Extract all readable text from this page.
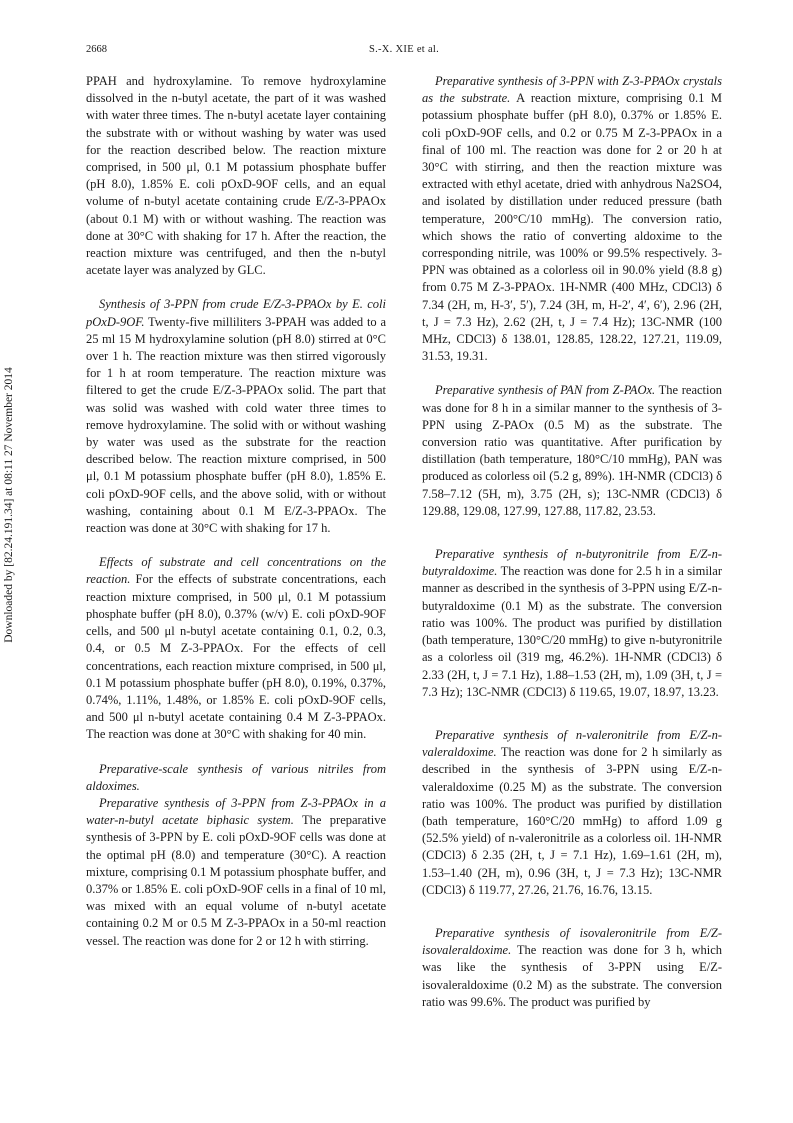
2668	S.-X. XIE et al.
Downloaded by [82.24.191.34] at 08:11 27 November 2014

PPAH and hydroxylamine. To remove hydroxylamine dissolved in the n-butyl acetate, the part of it was washed with water three times. The n-butyl acetate layer containing the substrate with or without washing by water was used for the reaction described below. The reaction mixture comprised, in 500 μl, 0.1 M potassium phosphate buffer (pH 8.0), 1.85% E. coli pOxD-9OF cells, and an equal volume of n-butyl acetate containing crude E/Z-3-PPAOx (about 0.1 M) with or without washing. The reaction was done at 30°C with shaking for 17 h. After the reaction, the reaction mixture was centrifuged, and then the n-butyl acetate layer was analyzed by GLC.

Synthesis of 3-PPN from crude E/Z-3-PPAOx by E. coli pOxD-9OF. Twenty-five milliliters 3-PPAH was added to a 25 ml 15 M hydroxylamine solution (pH 8.0) stirred at 0°C over 1 h. The reaction mixture was then stirred vigorously for 1 h at room temperature. The reaction mixture was filtered to get the crude E/Z-3-PPAOx solid. The part that was solid was washed with cold water three times to remove hydroxylamine. The solid with or without washing by water was used as the substrate for the reaction described below. The reaction mixture comprised, in 500 μl, 0.1 M potassium phosphate buffer (pH 8.0), 1.85% E. coli pOxD-9OF cells, and the above solid, with or without washing, containing about 0.1 M E/Z-3-PPAOx. The reaction was done at 30°C with shaking for 17 h.

Effects of substrate and cell concentrations on the reaction. For the effects of substrate concentrations, each reaction mixture comprised, in 500 μl, 0.1 M potassium phosphate buffer (pH 8.0), 0.37% (w/v) E. coli pOxD-9OF cells, and 500 μl n-butyl acetate containing 0.1, 0.2, 0.3, 0.4, or 0.5 M Z-3-PPAOx. For the effects of cell concentrations, each reaction mixture comprised, in 500 μl, 0.1 M potassium phosphate buffer (pH 8.0), 0.19%, 0.37%, 0.74%, 1.11%, 1.48%, or 1.85% E. coli pOxD-9OF cells, and 500 μl n-butyl acetate containing 0.4 M Z-3-PPAOx. The reaction was done at 30°C with shaking for 40 min.

Preparative-scale synthesis of various nitriles from aldoximes.

Preparative synthesis of 3-PPN from Z-3-PPAOx in a water-n-butyl acetate biphasic system. The preparative synthesis of 3-PPN by E. coli pOxD-9OF cells was done at the optimal pH (8.0) and temperature (30°C). A reaction mixture, comprising 0.1 M potassium phosphate buffer, and 0.37% or 1.85% E. coli pOxD-9OF cells in a final of 10 ml, was mixed with an equal volume of n-butyl acetate containing 0.2 M or 0.5 M Z-3-PPAOx in a 50-ml reaction vessel. The reaction was done for 2 or 12 h with stirring.

Preparative synthesis of 3-PPN with Z-3-PPAOx crystals as the substrate. A reaction mixture, comprising 0.1 M potassium phosphate buffer (pH 8.0), 0.37% or 1.85% E. coli pOxD-9OF cells, and 0.2 or 0.75 M Z-3-PPAOx in a final of 100 ml. The reaction was done for 2 or 20 h at 30°C with stirring, and then the reaction mixture was extracted with ethyl acetate, dried with anhydrous Na2SO4, and isolated by distillation under reduced pressure (bath temperature, 200°C/10 mmHg). The conversion ratio, which shows the ratio of converting aldoxime to the corresponding nitrile, was 100% or 99.5% respectively. 3-PPN was obtained as a colorless oil in 90.0% yield (8.8 g) from 0.75 M Z-3-PPAOx. 1H-NMR (400 MHz, CDCl3) δ 7.34 (2H, m, H-3′, 5′), 7.24 (3H, m, H-2′, 4′, 6′), 2.96 (2H, t, J = 7.3 Hz), 2.62 (2H, t, J = 7.4 Hz); 13C-NMR (100 MHz, CDCl3) δ 138.01, 128.85, 128.22, 127.21, 119.09, 31.53, 19.31.

Preparative synthesis of PAN from Z-PAOx. The reaction was done for 8 h in a similar manner to the synthesis of 3-PPN using Z-PAOx (0.5 M) as the substrate. The conversion ratio was quantitative. After purification by distillation (bath temperature, 180°C/10 mmHg), PAN was produced as colorless oil (5.2 g, 89%). 1H-NMR (CDCl3) δ 7.58–7.12 (5H, m), 3.75 (2H, s); 13C-NMR (CDCl3) δ 129.88, 129.08, 127.99, 127.88, 117.82, 23.53.

Preparative synthesis of n-butyronitrile from E/Z-n-butyraldoxime. The reaction was done for 2.5 h in a similar manner as described in the synthesis of 3-PPN using E/Z-n-butyraldoxime (0.1 M) as the substrate. The conversion ratio was 100%. The product was purified by distillation (bath temperature, 130°C/20 mmHg) to give n-butyronitrile as a colorless oil (319 mg, 46.2%). 1H-NMR (CDCl3) δ 2.33 (2H, t, J = 7.1 Hz), 1.88–1.53 (2H, m), 1.09 (3H, t, J = 7.3 Hz); 13C-NMR (CDCl3) δ 119.65, 19.07, 18.97, 13.23.

Preparative synthesis of n-valeronitrile from E/Z-n-valeraldoxime. The reaction was done for 2 h similarly as described in the synthesis of 3-PPN using E/Z-n-valeraldoxime (0.25 M) as the substrate. The conversion ratio was 100%. The product was purified by distillation (bath temperature, 160°C/20 mmHg) to afford 1.09 g (52.5% yield) of n-valeronitrile as a colorless oil. 1H-NMR (CDCl3) δ 2.35 (2H, t, J = 7.1 Hz), 1.69–1.61 (2H, m), 1.53–1.40 (2H, m), 0.96 (3H, t, J = 7.3 Hz); 13C-NMR (CDCl3) δ 119.77, 27.26, 21.76, 16.76, 13.15.

Preparative synthesis of isovaleronitrile from E/Z-isovaleraldoxime. The reaction was done for 3 h, which was like the synthesis of 3-PPN using E/Z-isovaleraldoxime (0.2 M) as the substrate. The conversion ratio was 99.6%. The product was purified by
